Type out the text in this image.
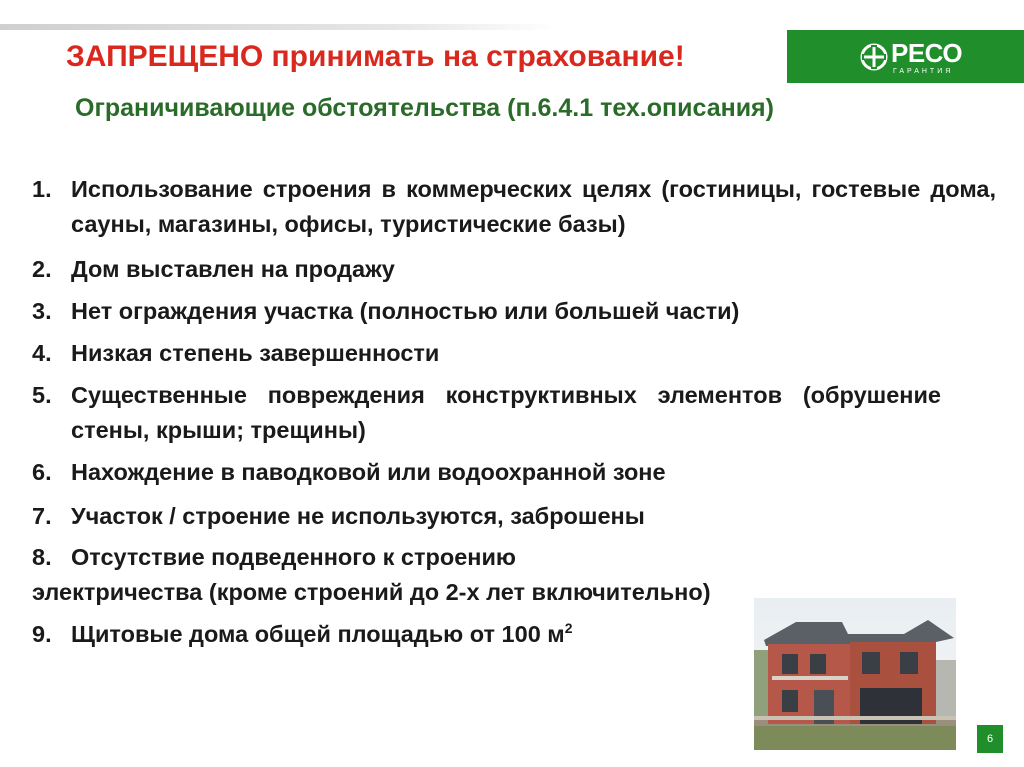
ЗАПРЕЩЕНО принимать на страхование!	РЕСО
ГАРАНТИЯ
Ограничивающие обстоятельства (п.6.4.1 тех.описания)
1. Использование строения в коммерческих целях (гостиницы, гостевые дома, сауны, магазины, офисы, туристические базы)
2. Дом выставлен на продажу
3. Нет ограждения участка (полностью или большей части)
4. Низкая степень завершенности
5. Существенные повреждения конструктивных элементов (обрушение стены, крыши; трещины)
6. Нахождение в паводковой или водоохранной зоне
7. Участок / строение не используются, заброшены
8. Отсутствие подведенного к строению
электричества (кроме строений до 2-х лет включительно)
9. Щитовые дома общей площадью от 100 $м^2$
6
